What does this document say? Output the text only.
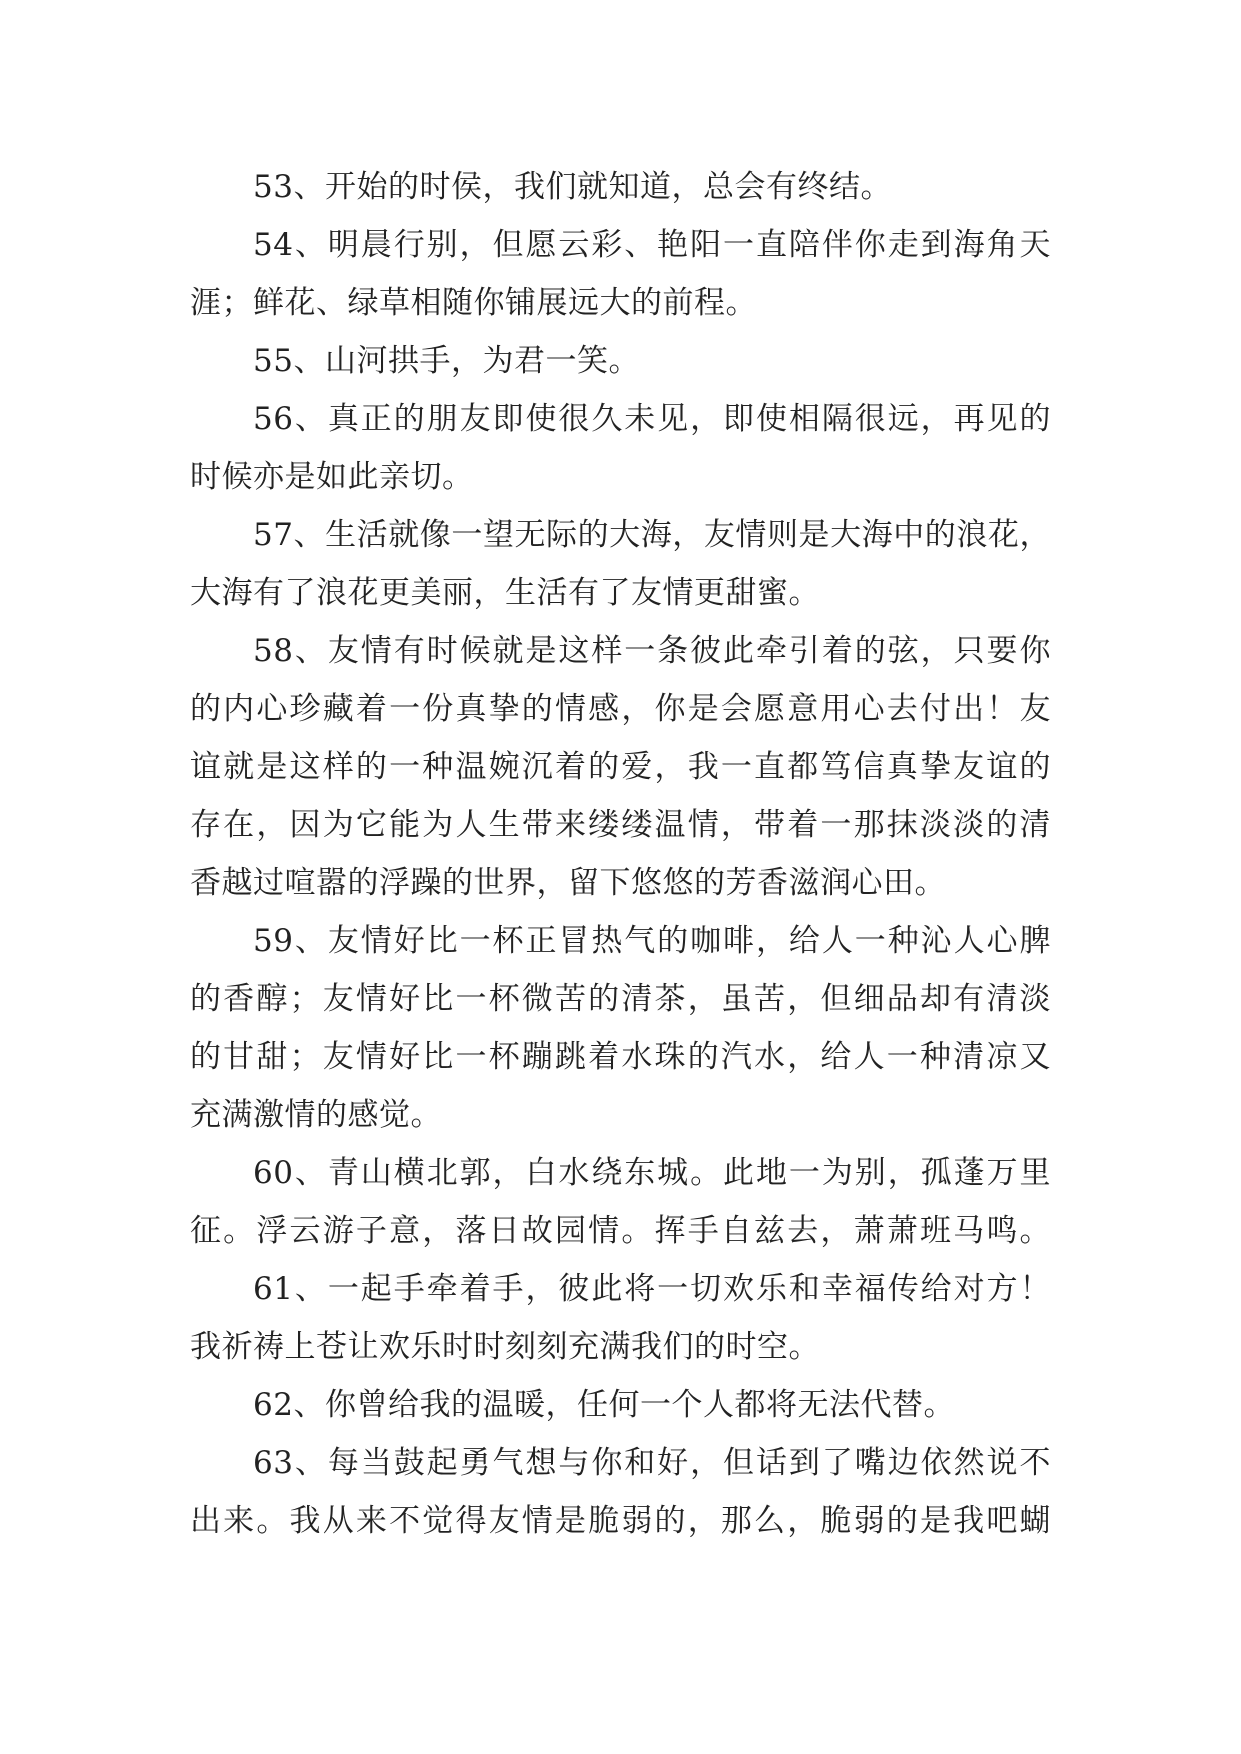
53、开始的时侯，我们就知道，总会有终结。

54、明晨行别，但愿云彩、艳阳一直陪伴你走到海角天

涯；鲜花、绿草相随你铺展远大的前程。

55、山河拱手，为君一笑。

56、真正的朋友即使很久未见，即使相隔很远，再见的

时候亦是如此亲切。

57、生活就像一望无际的大海，友情则是大海中的浪花，

大海有了浪花更美丽，生活有了友情更甜蜜。

58、友情有时候就是这样一条彼此牵引着的弦，只要你

的内心珍藏着一份真挚的情感，你是会愿意用心去付出！友

谊就是这样的一种温婉沉着的爱，我一直都笃信真挚友谊的

存在，因为它能为人生带来缕缕温情，带着一那抹淡淡的清

香越过喧嚣的浮躁的世界，留下悠悠的芳香滋润心田。

59、友情好比一杯正冒热气的咖啡，给人一种沁人心脾

的香醇；友情好比一杯微苦的清茶，虽苦，但细品却有清淡

的甘甜；友情好比一杯蹦跳着水珠的汽水，给人一种清凉又

充满激情的感觉。

60、青山横北郭，白水绕东城。此地一为别，孤蓬万里

征。浮云游子意，落日故园情。挥手自兹去，萧萧班马鸣。

61、一起手牵着手，彼此将一切欢乐和幸福传给对方！

我祈祷上苍让欢乐时时刻刻充满我们的时空。

62、你曾给我的温暖，任何一个人都将无法代替。

63、每当鼓起勇气想与你和好，但话到了嘴边依然说不

出来。我从来不觉得友情是脆弱的，那么，脆弱的是我吧蝴
